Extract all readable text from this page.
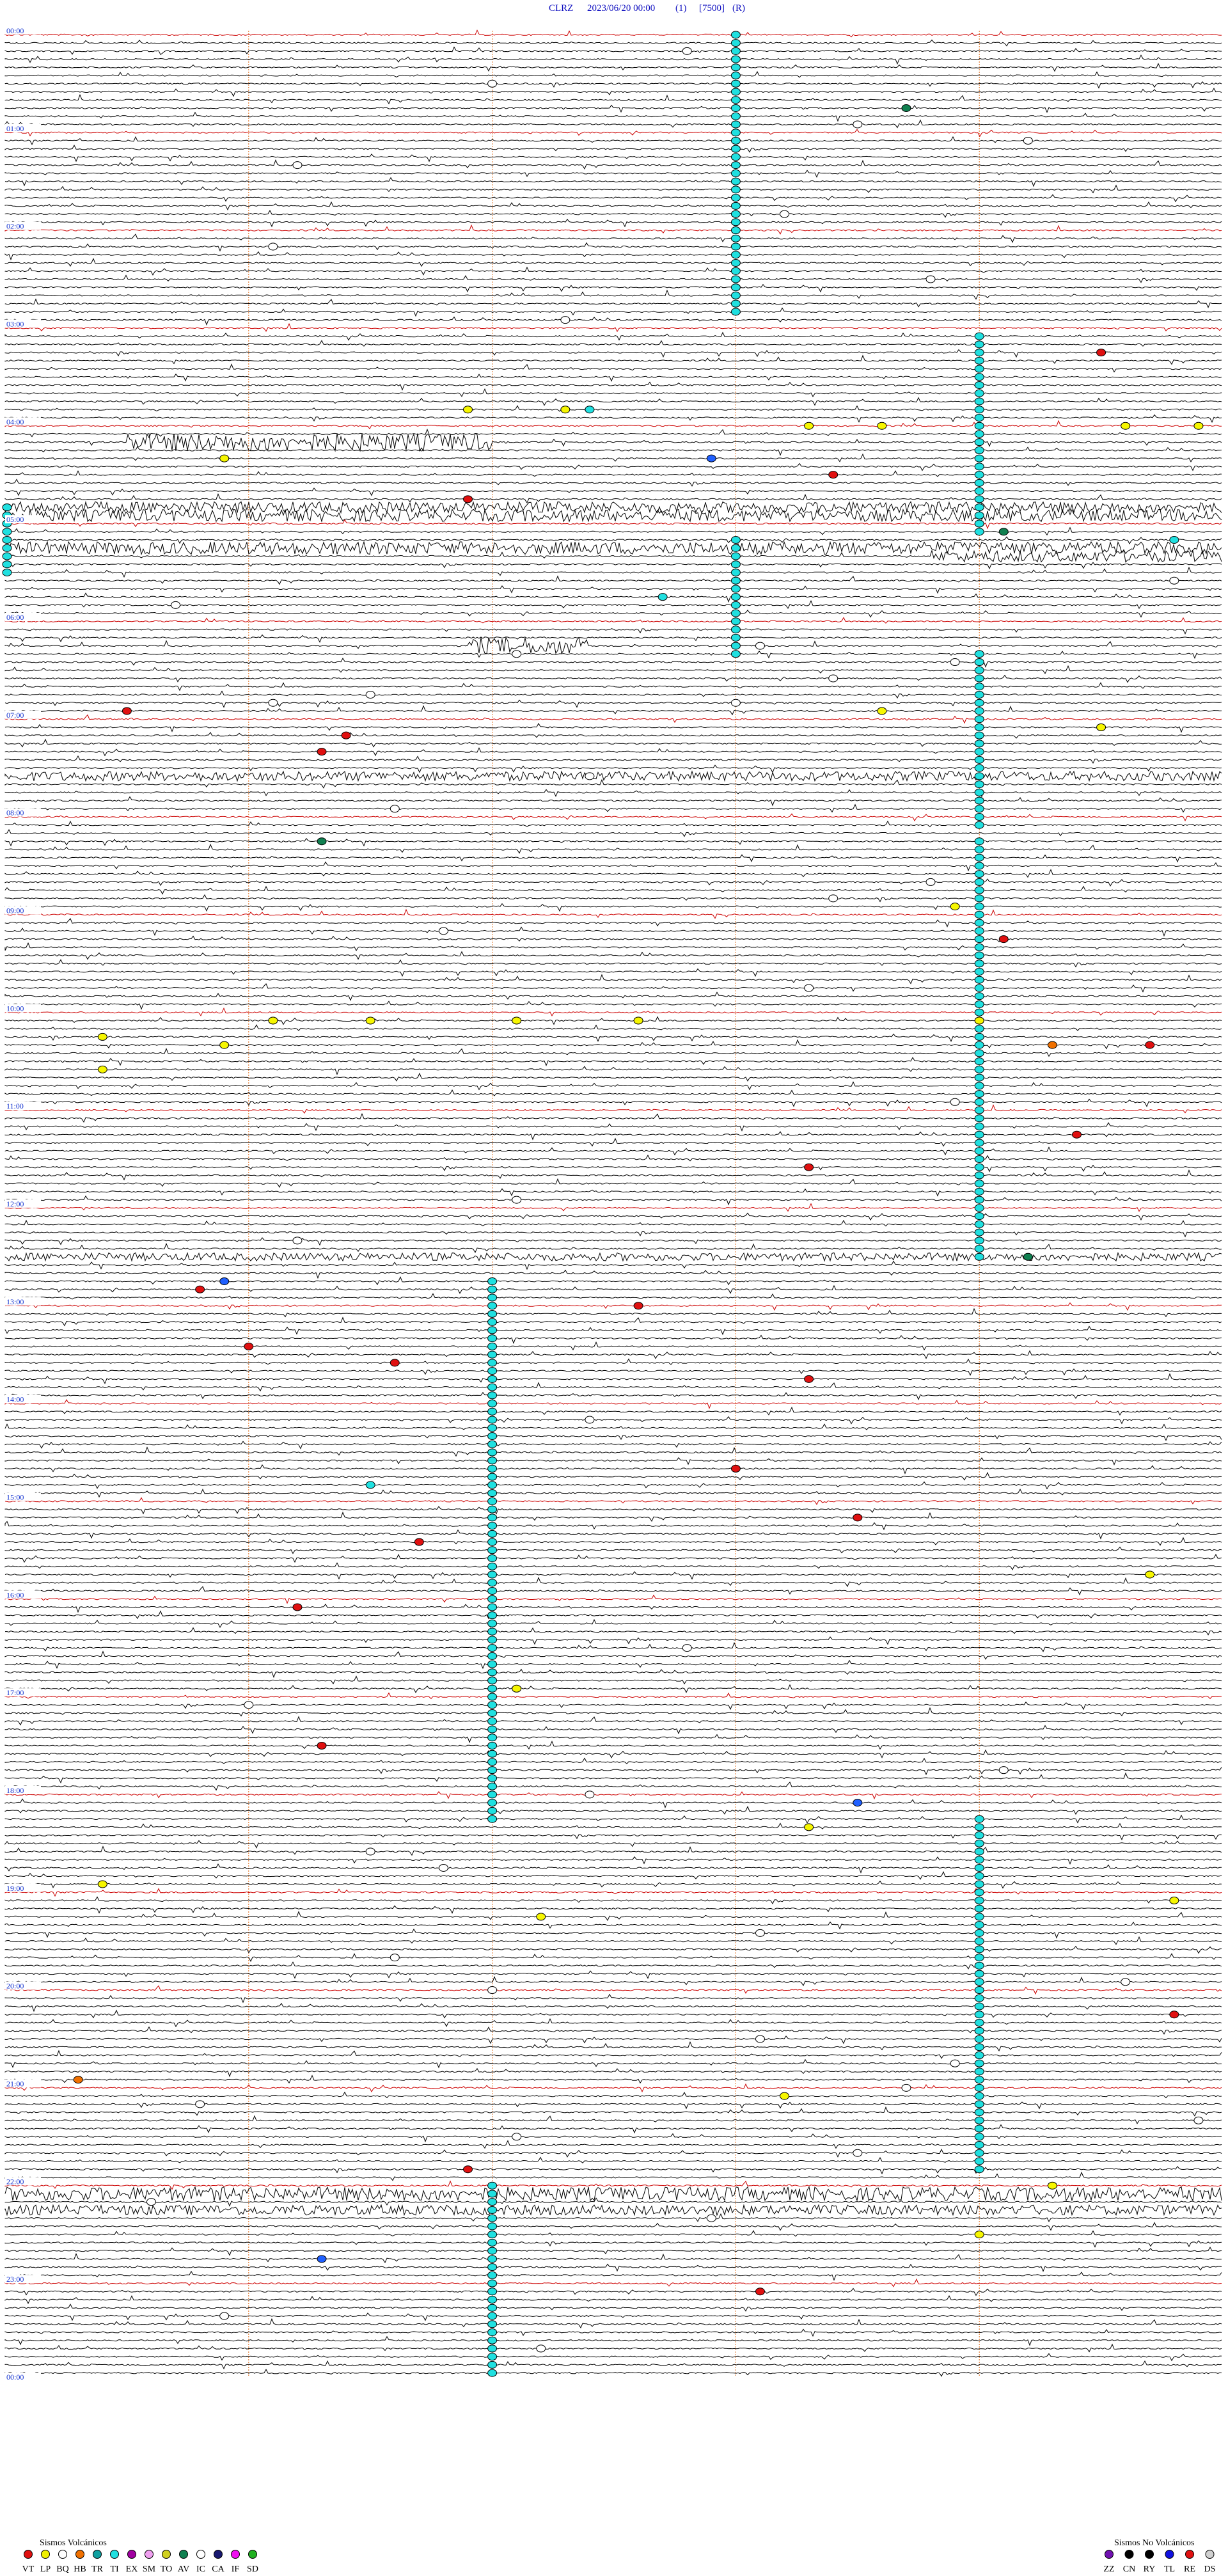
CLRZ 2023/06/20 00:00 (1) [7500] (R)
00:00
01:00
02:00
03:00
04:00
05:00
06:00
07:00
08:00
09:00
10:00
11:00
12:00
13:00
14:00
15:00
16:00
17:00
18:00
19:00
20:00
21:00
22:00
23:00
00:00
Sismos Volcánicos
VT LP BQ HB TR TI EX SM TO AV IC CA IF SD
Sismos No Volcánicos
ZZ CN RY TL RE DS
